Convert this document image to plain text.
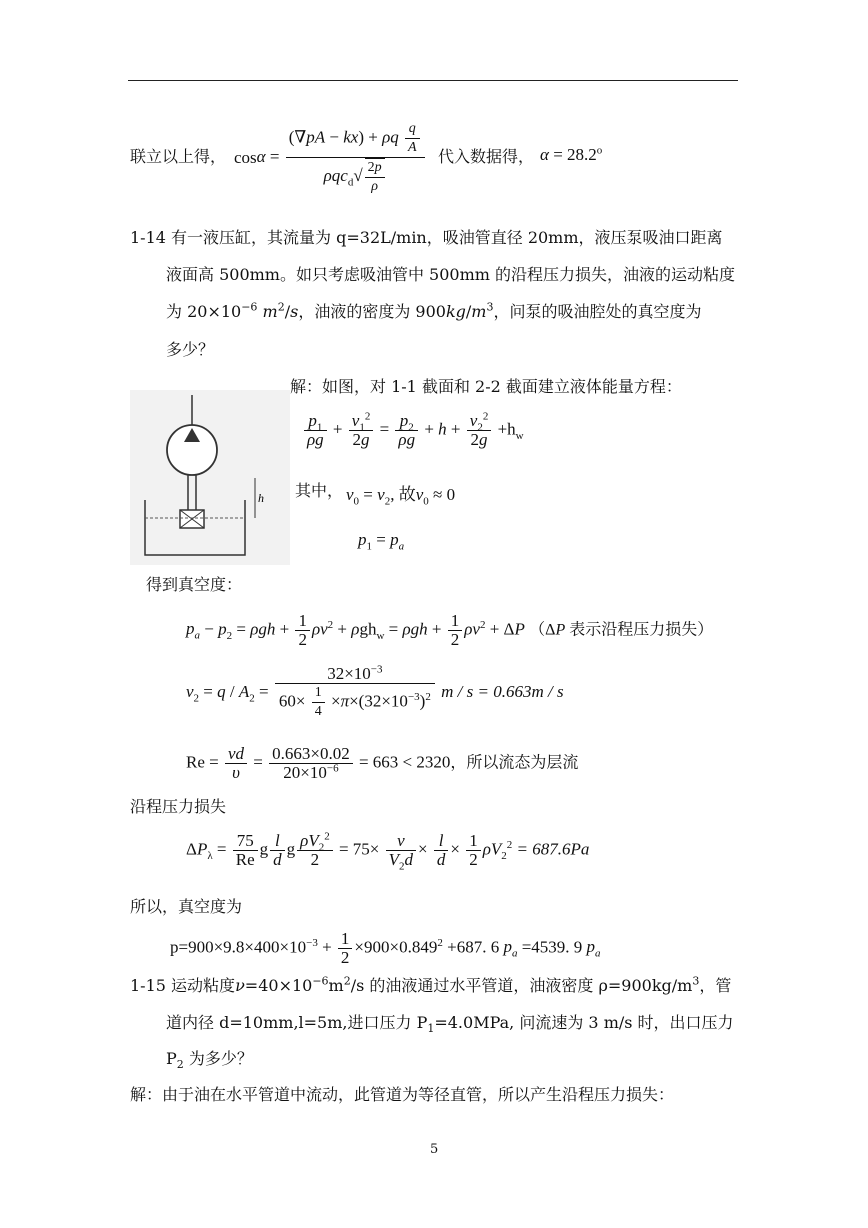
联立以上得， $\cos\alpha = \frac{(\nabla pA - kx) + \rho q \frac{q}{A}}{\rho qc_d√ \frac{2p}{\rho}}$ 代入数据得， $\alpha = 28.2^o$
1-14 有一液压缸，其流量为 q=32L/min，吸油管直径 20mm，液压泵吸油口距离
液面高 500mm。如只考虑吸油管中 500mm 的沿程压力损失，油液的运动粘度
为 $20\times 10^{-6}$ $m^2/s$，油液的密度为 $900kg/m^3$，问泵的吸油腔处的真空度为
多少？
解：如图，对 1-1 截面和 2-2 截面建立液体能量方程：
h
$\frac{p_1}{\rho g} + \frac{v_1^2}{2g} = \frac{p_2}{\rho g} + h + \frac{v_2^2}{2g} +h_w$
其中， $v_0 = v_2$, 故$v_0 \approx 0$
$p_1 = p_a$
得到真空度：
$p_a - p_2 = \rho gh + \frac{1}{2} \rho v^2 + \rho gh_w = \rho gh + \frac{1}{2} \rho v^2 + \Delta P$ （ΔP 表示沿程压力损失）
$v_2 = q / A_2 = \frac{32\times 10^{-3}}{60\times \frac{1}{4} \times\pi\times(32\times 10^{-3})^2}$ m / s = 0.663m / s
$Re = \frac{vd}{\upsilon} = \frac{0.663\times 0.02}{20\times 10^{-6}} = 663 < 2320$，所以流态为层流
沿程压力损失
$\Delta P_\lambda = \frac{75}{Re}$ g $\frac{l}{d}$ g $\frac{\rho V_2^2}{2} = 75\times \frac{\nu}{V_2d} \times \frac{l}{d} \times \frac{1}{2} \rho V_2^2 = 687.6Pa$
所以，真空度为
$p=900\times 9.8\times 400\times 10^{-3} + \frac{1}{2} \times 900\times 0.849^2 +687$. 6 $p_a =4539$. 9 $p_a$
1-15 运动粘度$\nu=40\times 10^{-6}m^2/s$ 的油液通过水平管道，油液密度 $\rho=900kg/m^3$，管
道内径 d=10mm,l=5m,进口压力 $P_1=4.0MPa$, 问流速为 3 m/s 时，出口压力
$P_2$ 为多少？
解：由于油在水平管道中流动，此管道为等径直管，所以产生沿程压力损失：
5
